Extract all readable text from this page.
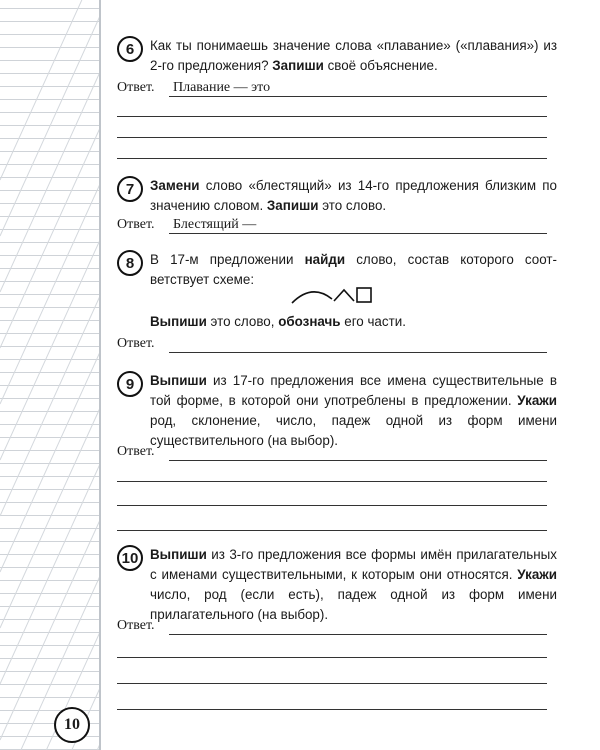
6	Как ты понимаешь значение слова «плавание» («плавания») из 2-го предложения? Запиши своё объяснение.
Ответ. Плавание — это
7	Замени слово «блестящий» из 14-го предложения близким по значению словом. Запиши это слово.
Ответ. Блестящий —
8	В 17-м предложении найди слово, состав которого соответствует схеме:
Выпиши это слово, обозначь его части.
Ответ.
9	Выпиши из 17-го предложения все имена существительные в той форме, в которой они употреблены в предложении. Укажи род, склонение, число, падеж одной из форм имени существительного (на выбор).
Ответ.
10 Выпиши из 3-го предложения все формы имён прилагательных с именами существительными, к которым они относятся. Укажи число, род (если есть), падеж одной из форм имени прилагательного (на выбор).
Ответ.
10
